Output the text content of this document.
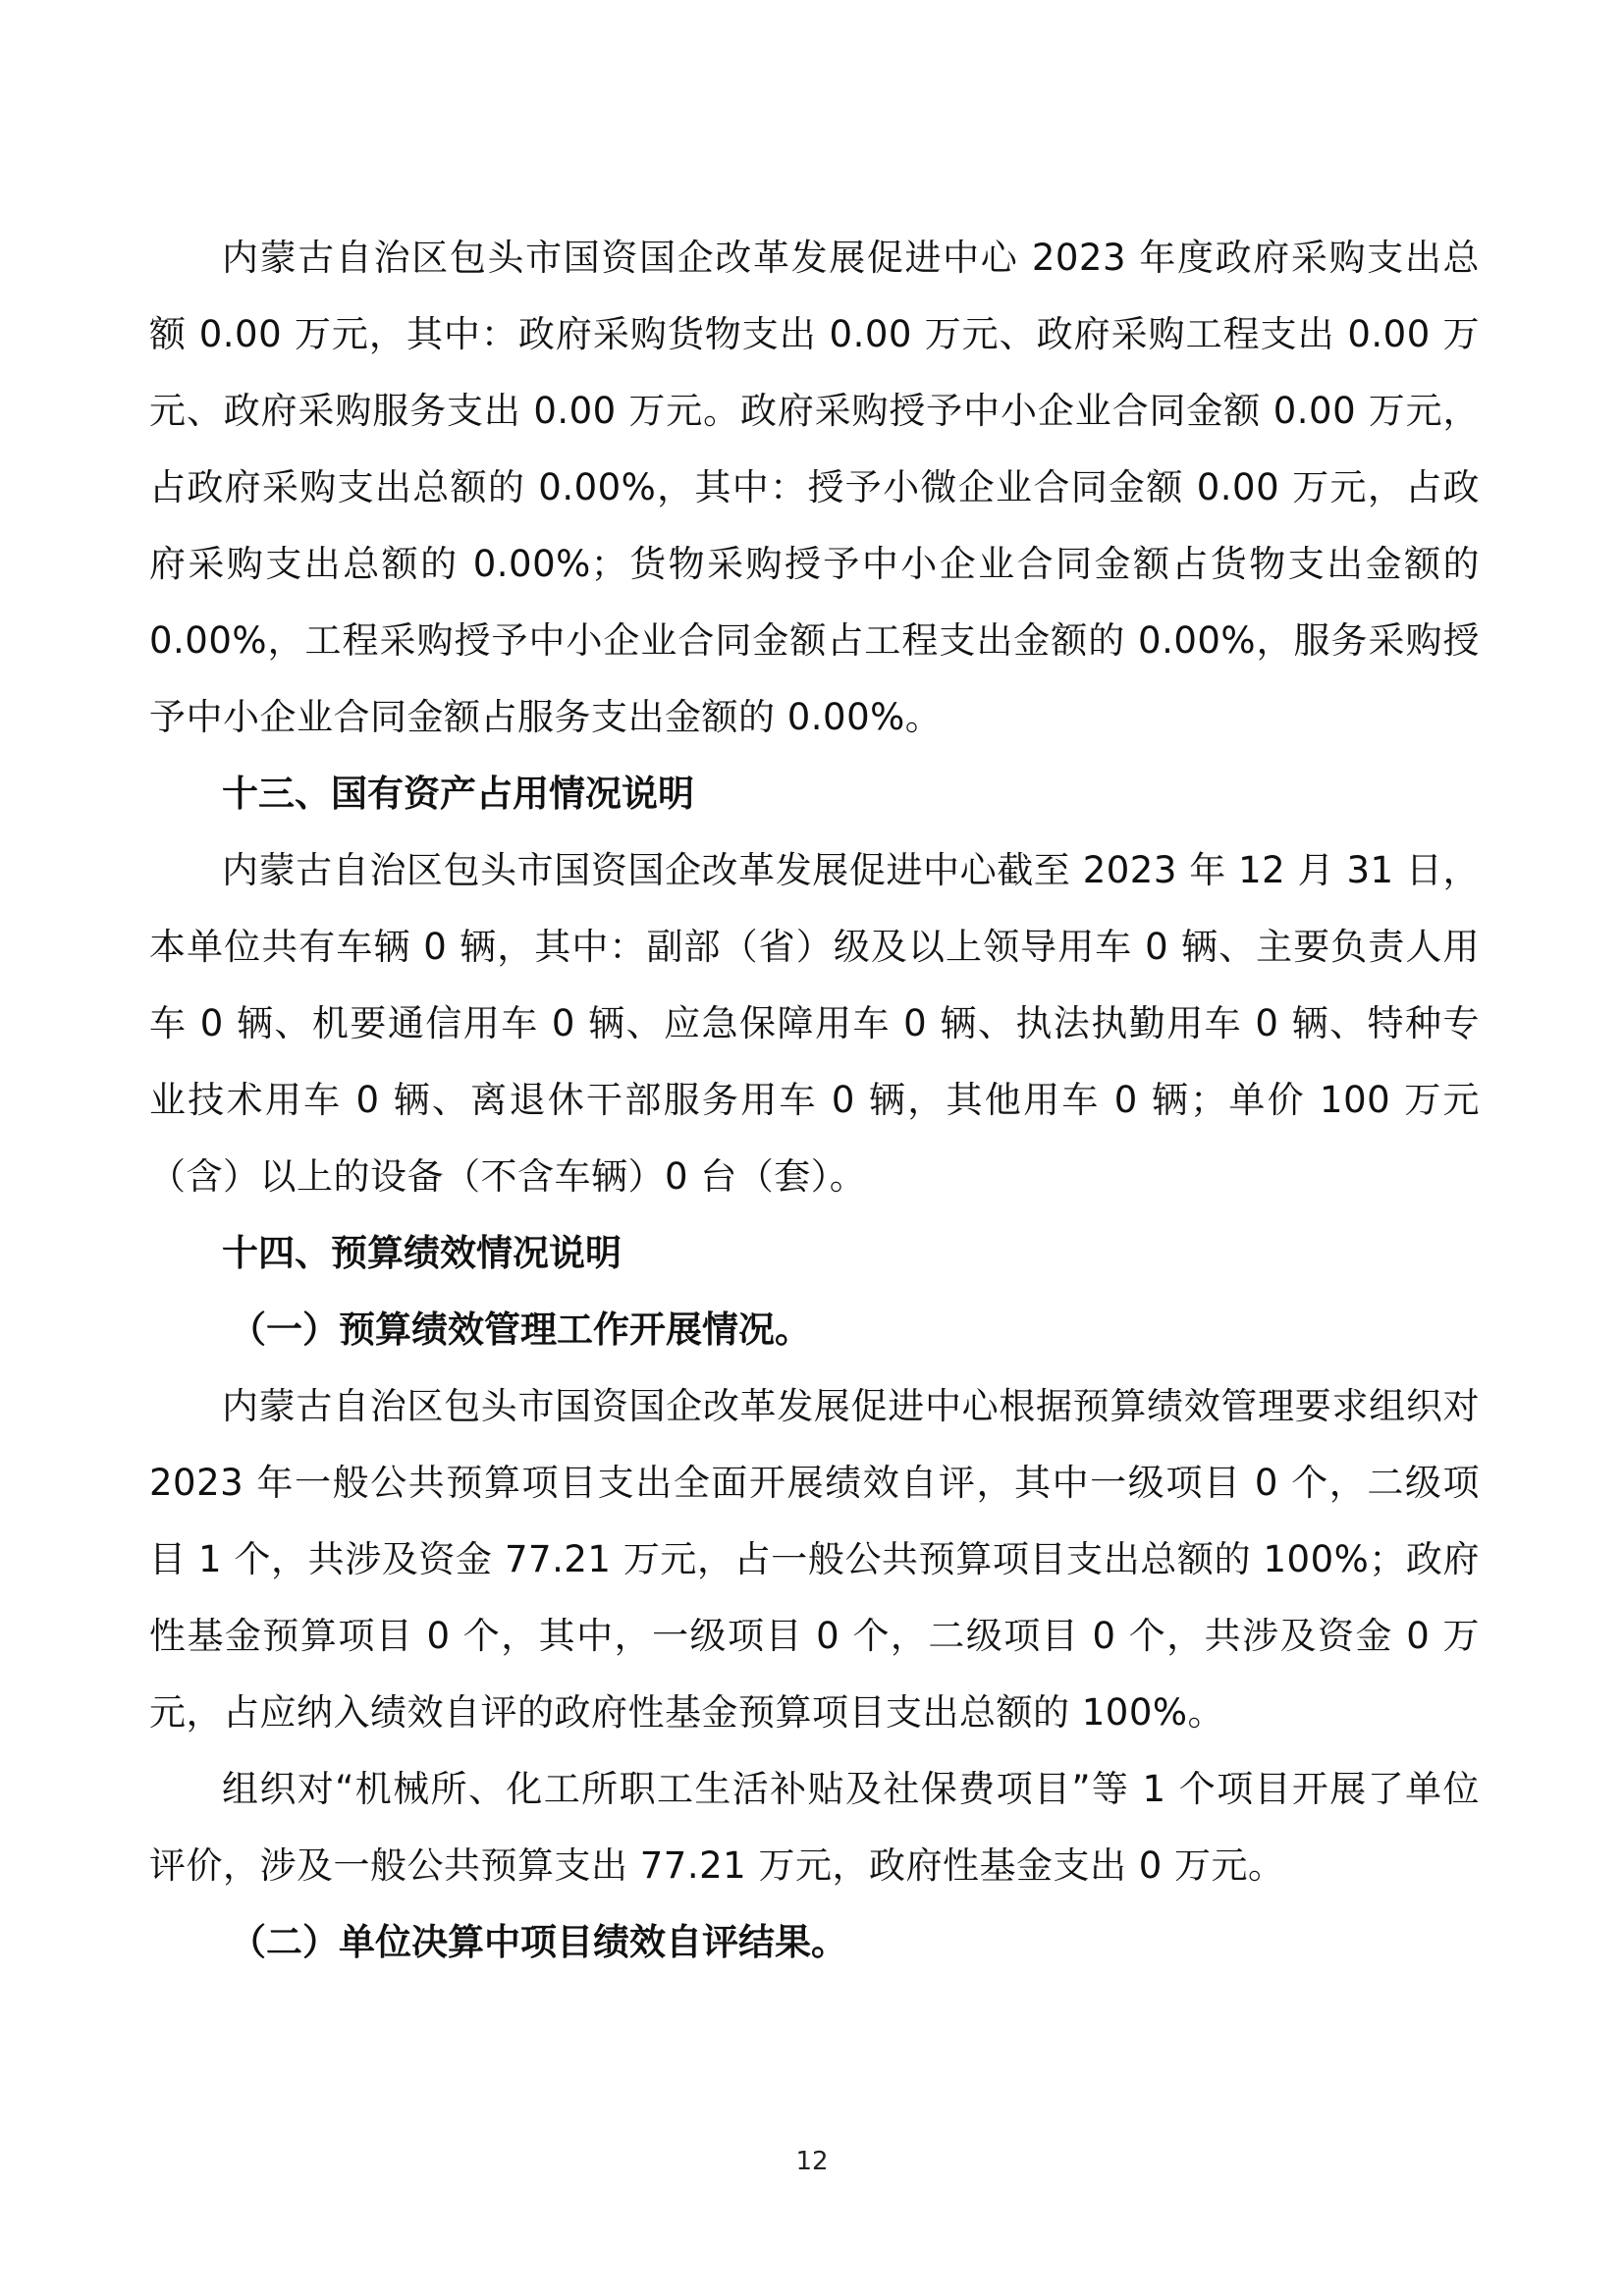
内蒙古自治区包头市国资国企改革发展促进中心 2023 年度政府采购支出总额 0.00 万元，其中：政府采购货物支出 0.00 万元、政府采购工程支出 0.00 万元、政府采购服务支出 0.00 万元。政府采购授予中小企业合同金额 0.00 万元，占政府采购支出总额的 0.00%，其中：授予小微企业合同金额 0.00 万元，占政府采购支出总额的 0.00%；货物采购授予中小企业合同金额占货物支出金额的 0.00%，工程采购授予中小企业合同金额占工程支出金额的 0.00%，服务采购授予中小企业合同金额占服务支出金额的 0.00%。

十三、国有资产占用情况说明

内蒙古自治区包头市国资国企改革发展促进中心截至 2023 年 12 月 31 日，本单位共有车辆 0 辆，其中：副部（省）级及以上领导用车 0 辆、主要负责人用车 0 辆、机要通信用车 0 辆、应急保障用车 0 辆、执法执勤用车 0 辆、特种专业技术用车 0 辆、离退休干部服务用车 0 辆，其他用车 0 辆；单价 100 万元（含）以上的设备（不含车辆）0 台（套）。

十四、预算绩效情况说明

（一）预算绩效管理工作开展情况。

内蒙古自治区包头市国资国企改革发展促进中心根据预算绩效管理要求组织对 2023 年一般公共预算项目支出全面开展绩效自评，其中一级项目 0 个，二级项目 1 个，共涉及资金 77.21 万元，占一般公共预算项目支出总额的 100%；政府性基金预算项目 0 个，其中，一级项目 0 个，二级项目 0 个，共涉及资金 0 万元，占应纳入绩效自评的政府性基金预算项目支出总额的 100%。

组织对“机械所、化工所职工生活补贴及社保费项目”等 1 个项目开展了单位评价，涉及一般公共预算支出 77.21 万元，政府性基金支出 0 万元。

（二）单位决算中项目绩效自评结果。

12
